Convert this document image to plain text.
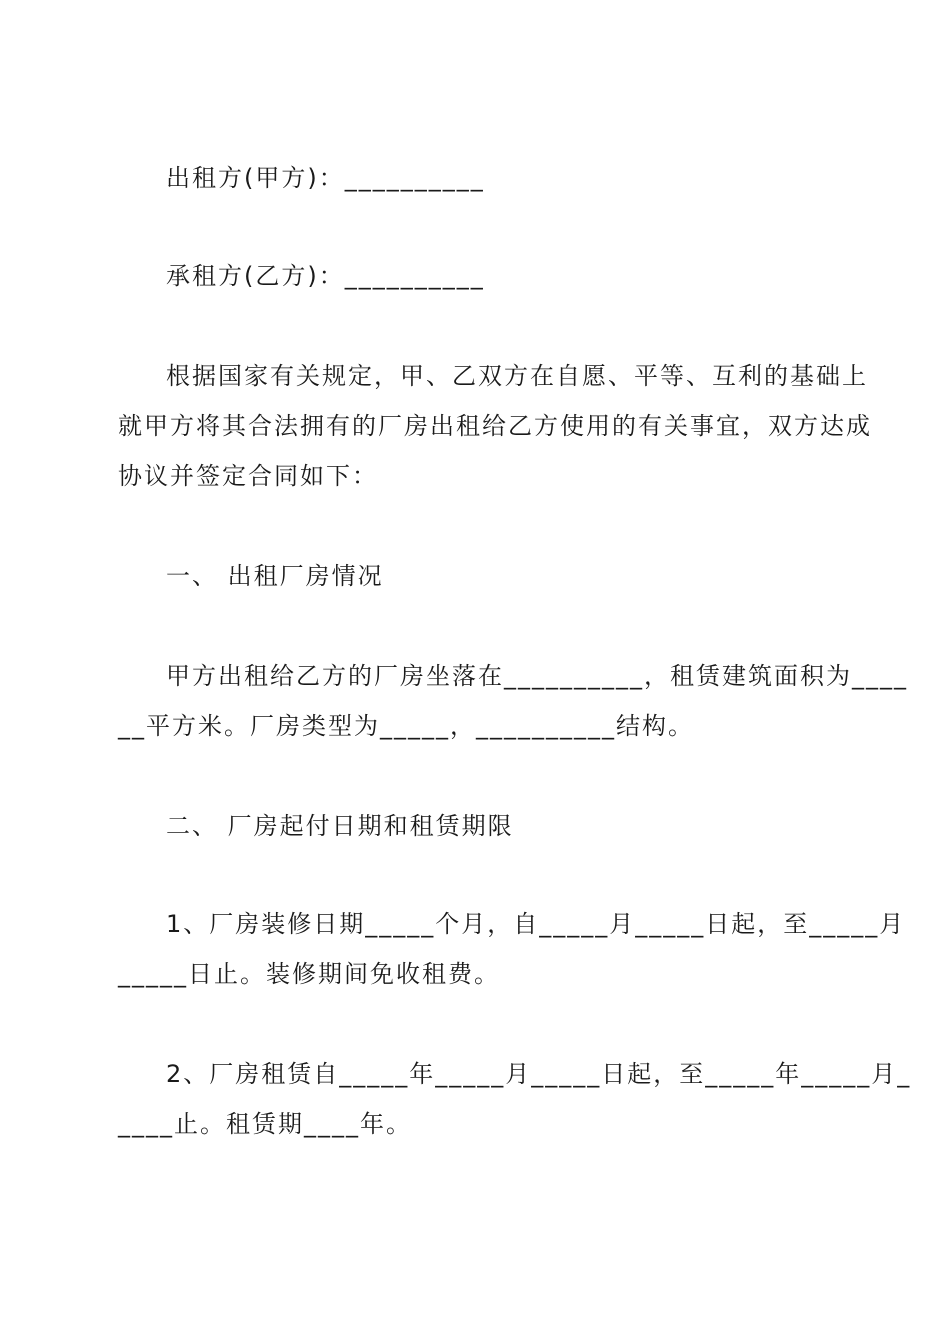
出租方(甲方)：__________

承租方(乙方)：__________

根据国家有关规定，甲、乙双方在自愿、平等、互利的基础上

就甲方将其合法拥有的厂房出租给乙方使用的有关事宜，双方达成

协议并签定合同如下：

一、 出租厂房情况

甲方出租给乙方的厂房坐落在__________，租赁建筑面积为____

__平方米。厂房类型为_____，__________结构。

二、 厂房起付日期和租赁期限

1、厂房装修日期_____个月，自_____月_____日起，至_____月

_____日止。装修期间免收租费。

2、厂房租赁自_____年_____月_____日起，至_____年_____月_

____止。租赁期____年。
